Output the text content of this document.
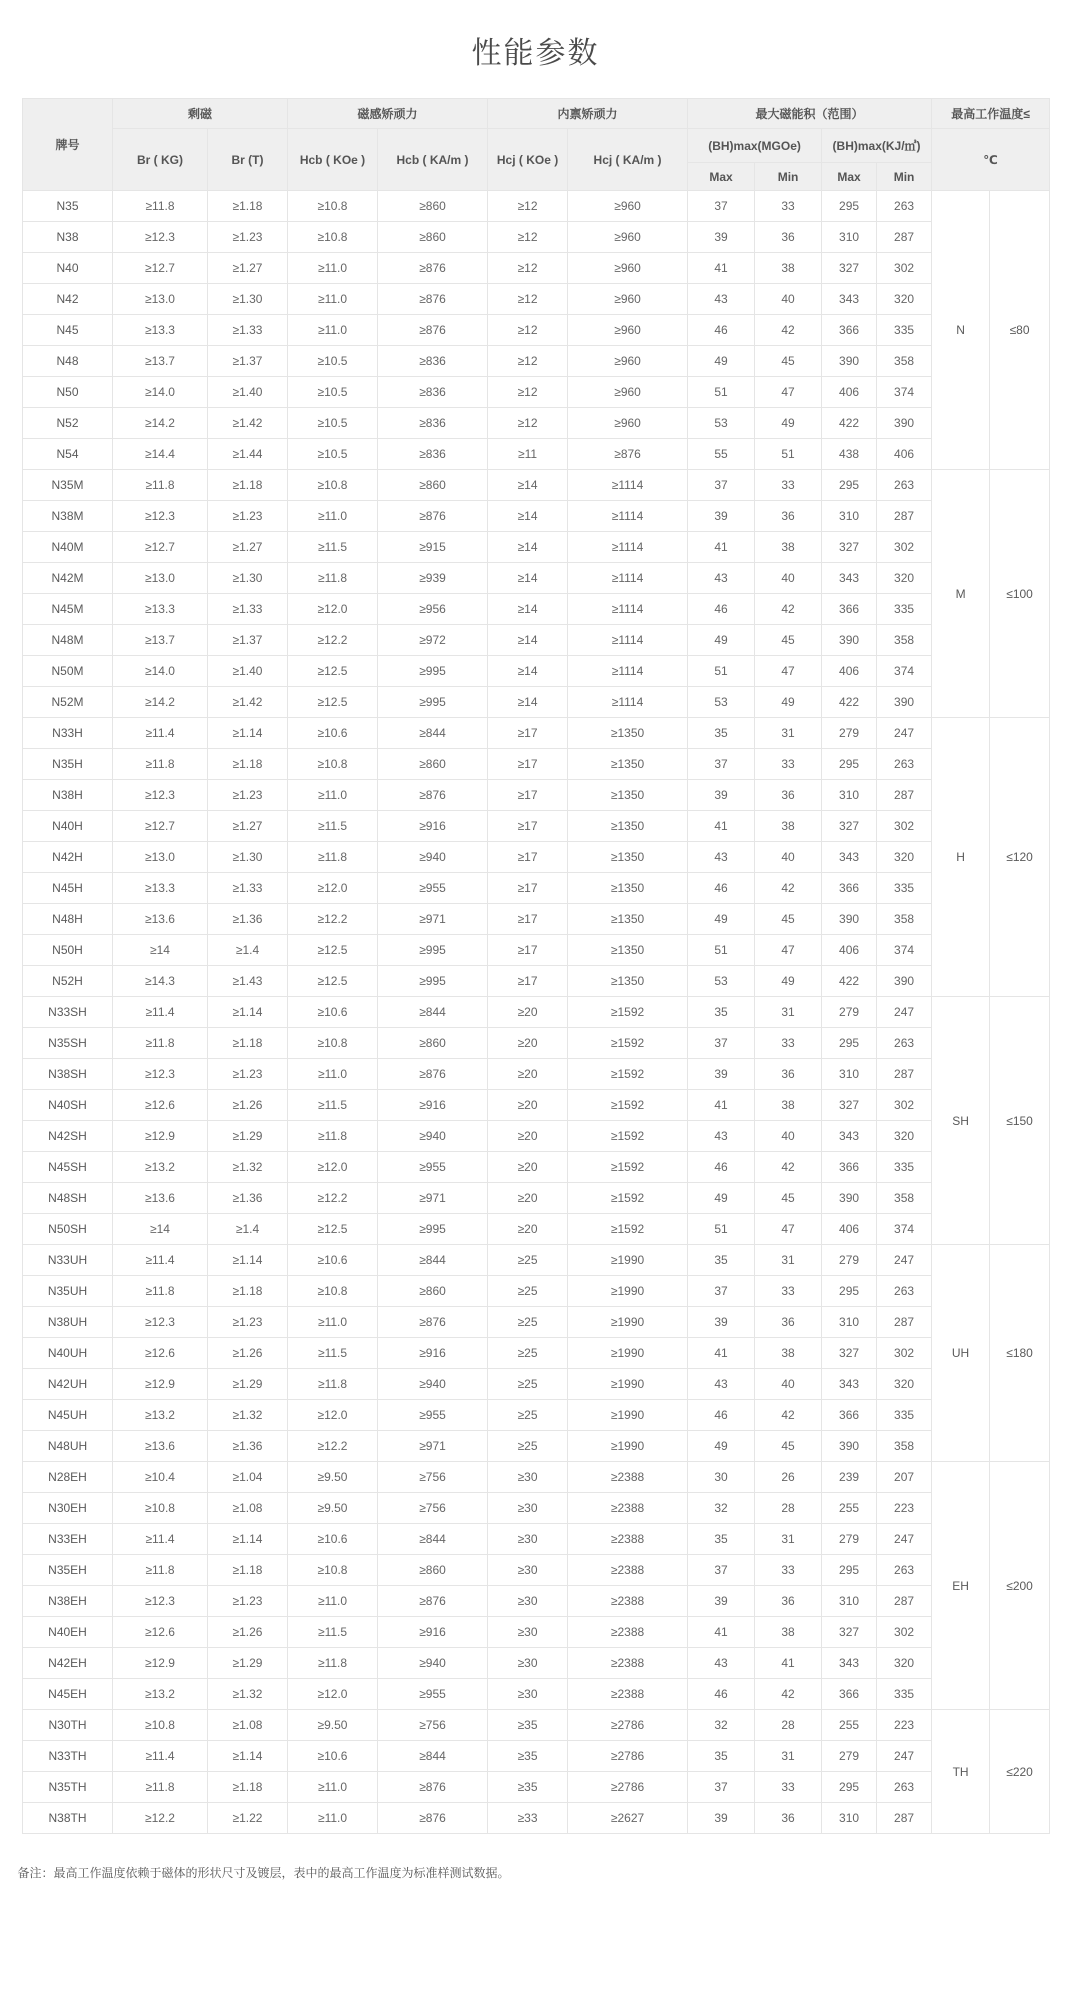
性能参数
牌号	剩磁		磁感矫顽力		内禀矫顽力		最大磁能积（范围）				最高工作温度≤	
	Br ( KG)	Br (T)	Hcb ( KOe )	Hcb ( KA/m )	Hcj ( KOe )	Hcj ( KA/m )	(BH)max(MGOe)		(BH)max(KJ/㎥)		℃	
							Max	Min	Max	Min		
N35	≥11.8	≥1.18	≥10.8	≥860	≥12	≥960	37	33	295	263	N	≤80
N38	≥12.3	≥1.23	≥10.8	≥860	≥12	≥960	39	36	310	287		
N40	≥12.7	≥1.27	≥11.0	≥876	≥12	≥960	41	38	327	302		
N42	≥13.0	≥1.30	≥11.0	≥876	≥12	≥960	43	40	343	320		
N45	≥13.3	≥1.33	≥11.0	≥876	≥12	≥960	46	42	366	335		
N48	≥13.7	≥1.37	≥10.5	≥836	≥12	≥960	49	45	390	358		
N50	≥14.0	≥1.40	≥10.5	≥836	≥12	≥960	51	47	406	374		
N52	≥14.2	≥1.42	≥10.5	≥836	≥12	≥960	53	49	422	390		
N54	≥14.4	≥1.44	≥10.5	≥836	≥11	≥876	55	51	438	406		
N35M	≥11.8	≥1.18	≥10.8	≥860	≥14	≥1114	37	33	295	263	M	≤100
N38M	≥12.3	≥1.23	≥11.0	≥876	≥14	≥1114	39	36	310	287		
N40M	≥12.7	≥1.27	≥11.5	≥915	≥14	≥1114	41	38	327	302		
N42M	≥13.0	≥1.30	≥11.8	≥939	≥14	≥1114	43	40	343	320		
N45M	≥13.3	≥1.33	≥12.0	≥956	≥14	≥1114	46	42	366	335		
N48M	≥13.7	≥1.37	≥12.2	≥972	≥14	≥1114	49	45	390	358		
N50M	≥14.0	≥1.40	≥12.5	≥995	≥14	≥1114	51	47	406	374		
N52M	≥14.2	≥1.42	≥12.5	≥995	≥14	≥1114	53	49	422	390		
N33H	≥11.4	≥1.14	≥10.6	≥844	≥17	≥1350	35	31	279	247	H	≤120
N35H	≥11.8	≥1.18	≥10.8	≥860	≥17	≥1350	37	33	295	263		
N38H	≥12.3	≥1.23	≥11.0	≥876	≥17	≥1350	39	36	310	287		
N40H	≥12.7	≥1.27	≥11.5	≥916	≥17	≥1350	41	38	327	302		
N42H	≥13.0	≥1.30	≥11.8	≥940	≥17	≥1350	43	40	343	320		
N45H	≥13.3	≥1.33	≥12.0	≥955	≥17	≥1350	46	42	366	335		
N48H	≥13.6	≥1.36	≥12.2	≥971	≥17	≥1350	49	45	390	358		
N50H	≥14	≥1.4	≥12.5	≥995	≥17	≥1350	51	47	406	374		
N52H	≥14.3	≥1.43	≥12.5	≥995	≥17	≥1350	53	49	422	390		
N33SH	≥11.4	≥1.14	≥10.6	≥844	≥20	≥1592	35	31	279	247	SH	≤150
N35SH	≥11.8	≥1.18	≥10.8	≥860	≥20	≥1592	37	33	295	263		
N38SH	≥12.3	≥1.23	≥11.0	≥876	≥20	≥1592	39	36	310	287		
N40SH	≥12.6	≥1.26	≥11.5	≥916	≥20	≥1592	41	38	327	302		
N42SH	≥12.9	≥1.29	≥11.8	≥940	≥20	≥1592	43	40	343	320		
N45SH	≥13.2	≥1.32	≥12.0	≥955	≥20	≥1592	46	42	366	335		
N48SH	≥13.6	≥1.36	≥12.2	≥971	≥20	≥1592	49	45	390	358		
N50SH	≥14	≥1.4	≥12.5	≥995	≥20	≥1592	51	47	406	374		
N33UH	≥11.4	≥1.14	≥10.6	≥844	≥25	≥1990	35	31	279	247	UH	≤180
N35UH	≥11.8	≥1.18	≥10.8	≥860	≥25	≥1990	37	33	295	263		
N38UH	≥12.3	≥1.23	≥11.0	≥876	≥25	≥1990	39	36	310	287		
N40UH	≥12.6	≥1.26	≥11.5	≥916	≥25	≥1990	41	38	327	302		
N42UH	≥12.9	≥1.29	≥11.8	≥940	≥25	≥1990	43	40	343	320		
N45UH	≥13.2	≥1.32	≥12.0	≥955	≥25	≥1990	46	42	366	335		
N48UH	≥13.6	≥1.36	≥12.2	≥971	≥25	≥1990	49	45	390	358		
N28EH	≥10.4	≥1.04	≥9.50	≥756	≥30	≥2388	30	26	239	207	EH	≤200
N30EH	≥10.8	≥1.08	≥9.50	≥756	≥30	≥2388	32	28	255	223		
N33EH	≥11.4	≥1.14	≥10.6	≥844	≥30	≥2388	35	31	279	247		
N35EH	≥11.8	≥1.18	≥10.8	≥860	≥30	≥2388	37	33	295	263		
N38EH	≥12.3	≥1.23	≥11.0	≥876	≥30	≥2388	39	36	310	287		
N40EH	≥12.6	≥1.26	≥11.5	≥916	≥30	≥2388	41	38	327	302		
N42EH	≥12.9	≥1.29	≥11.8	≥940	≥30	≥2388	43	41	343	320		
N45EH	≥13.2	≥1.32	≥12.0	≥955	≥30	≥2388	46	42	366	335		
N30TH	≥10.8	≥1.08	≥9.50	≥756	≥35	≥2786	32	28	255	223	TH	≤220
N33TH	≥11.4	≥1.14	≥10.6	≥844	≥35	≥2786	35	31	279	247		
N35TH	≥11.8	≥1.18	≥11.0	≥876	≥35	≥2786	37	33	295	263		
N38TH	≥12.2	≥1.22	≥11.0	≥876	≥33	≥2627	39	36	310	287		

备注：最高工作温度依赖于磁体的形状尺寸及镀层，表中的最高工作温度为标准样测试数据。
